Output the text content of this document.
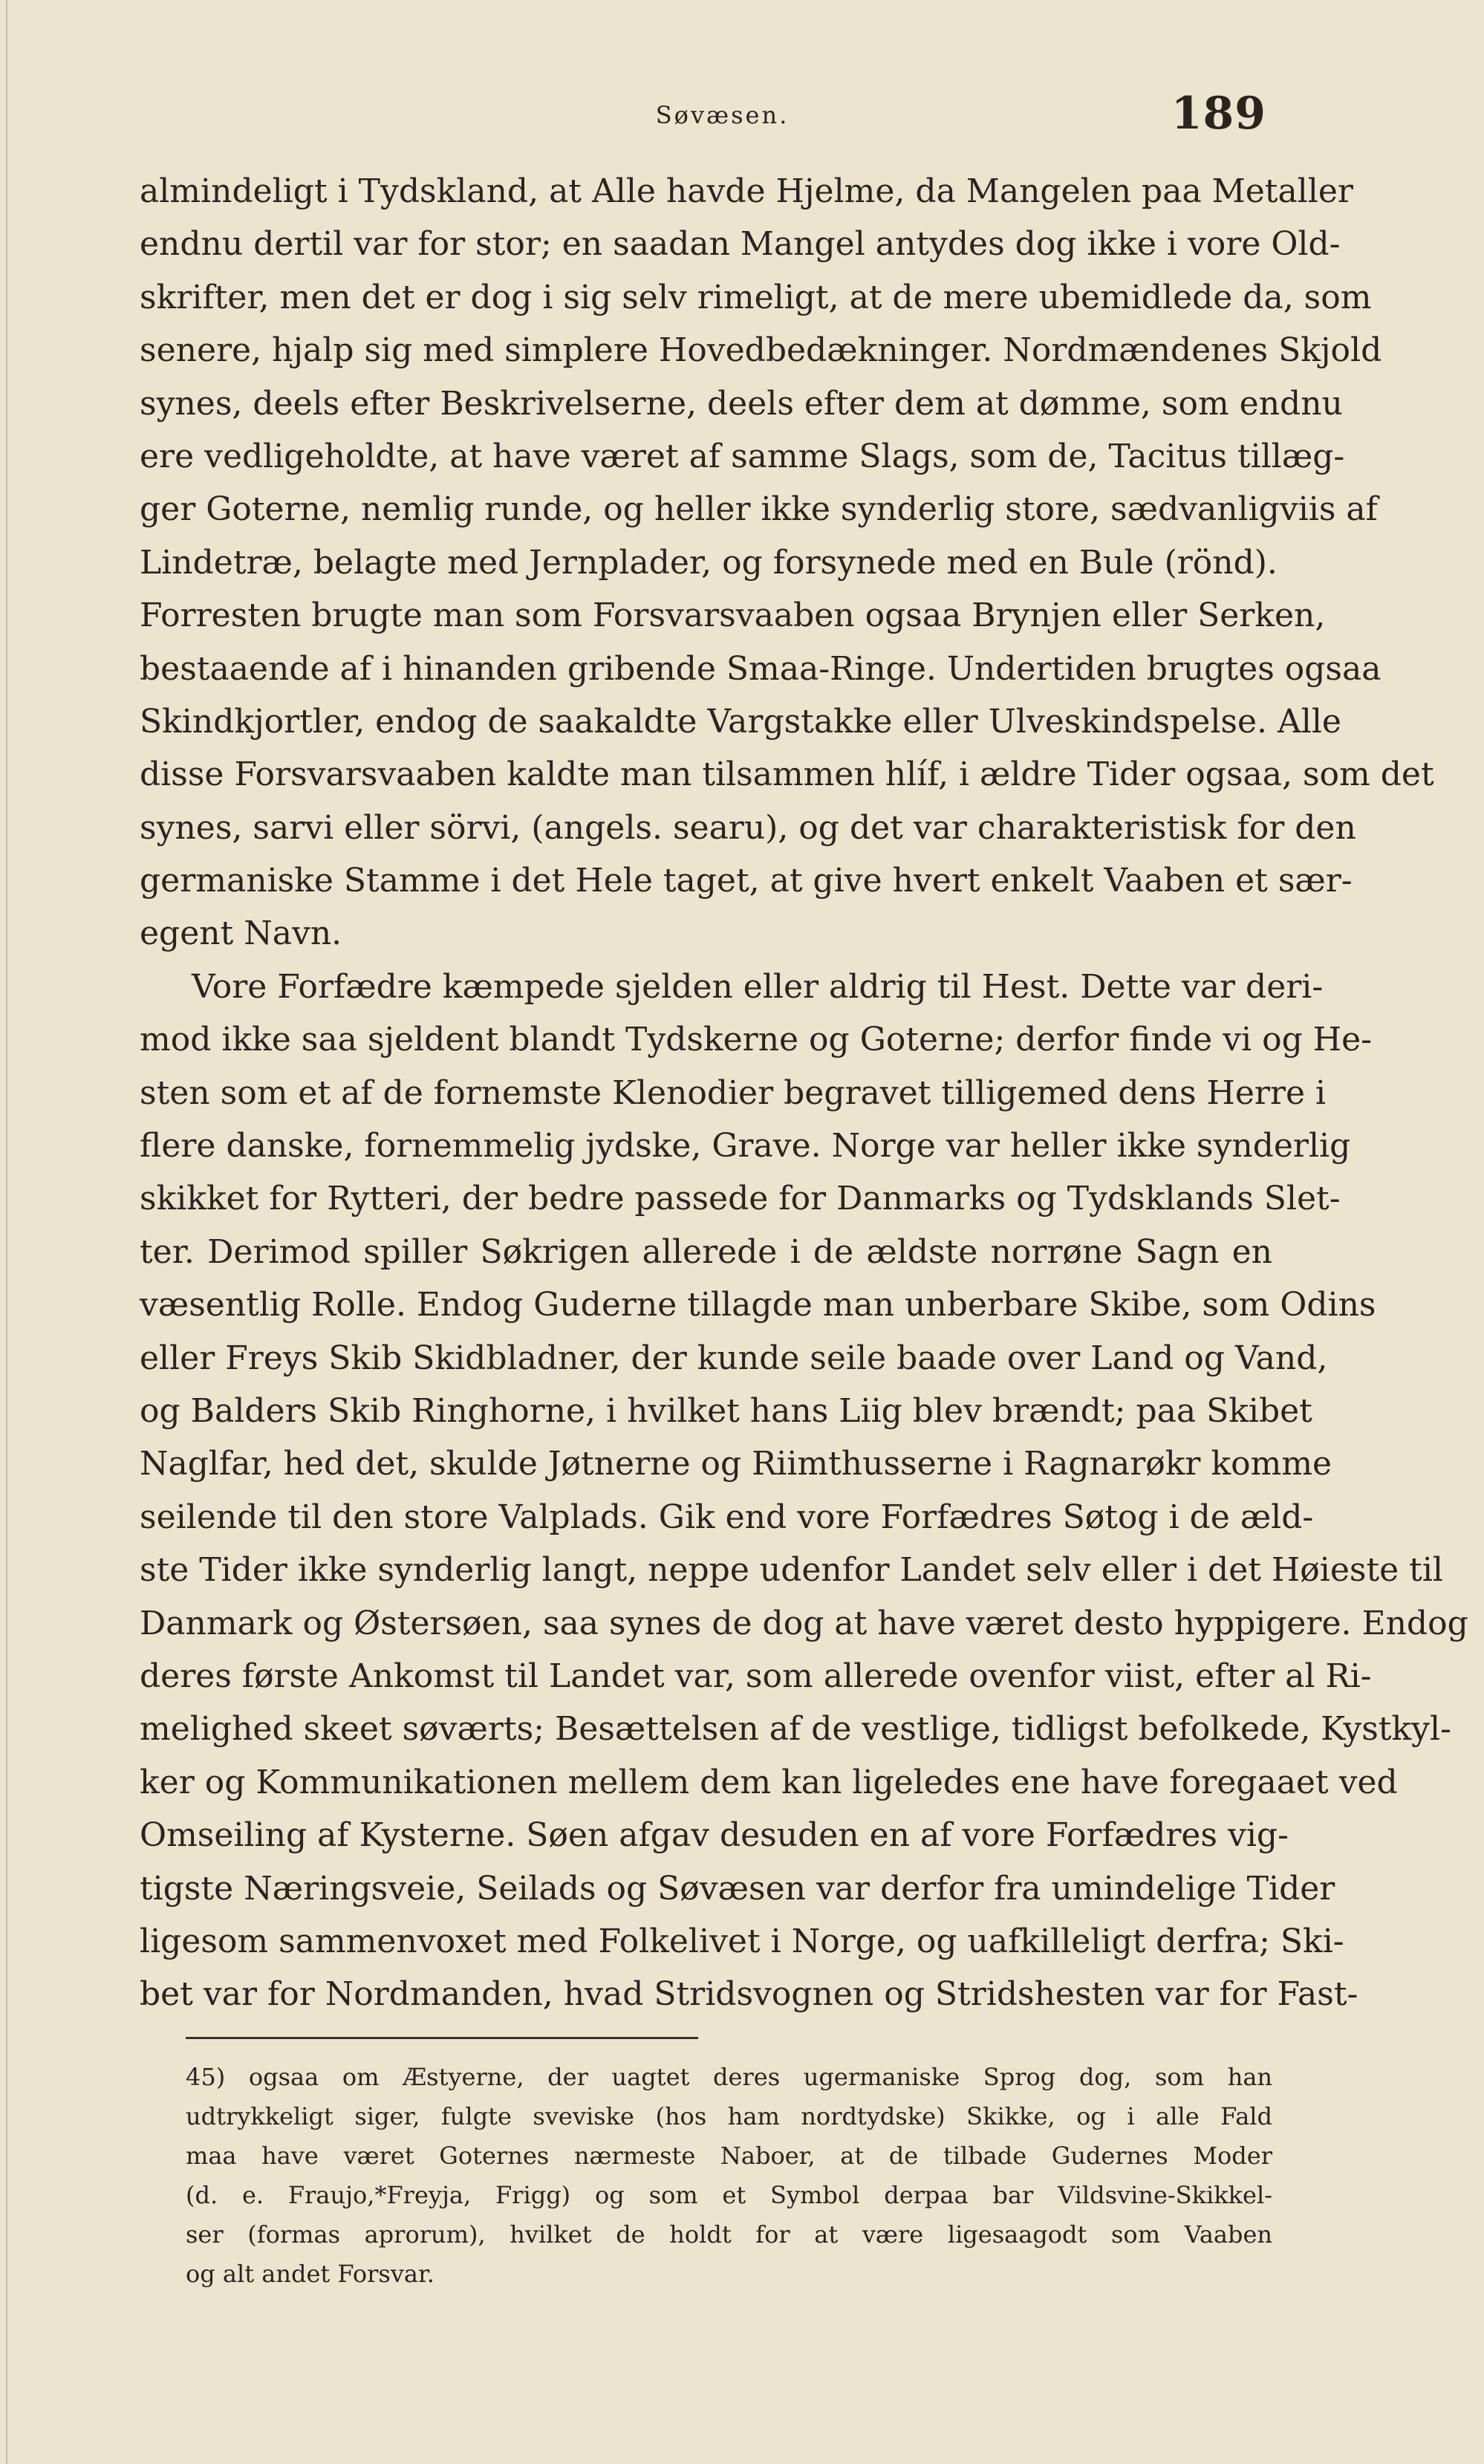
Søvæsen.	189
almindeligt i Tydskland, at Alle havde Hjelme, da Mangelen paa Metaller
endnu dertil var for stor; en saadan Mangel antydes dog ikke i vore Old-
skrifter, men det er dog i sig selv rimeligt, at de mere ubemidlede da, som
senere, hjalp sig med simplere Hovedbedækninger. Nordmændenes Skjold
synes, deels efter Beskrivelserne, deels efter dem at dømme, som endnu
ere vedligeholdte, at have været af samme Slags, som de, Tacitus tillæg-
ger Goterne, nemlig runde, og heller ikke synderlig store, sædvanligviis af
Lindetræ, belagte med Jernplader, og forsynede med en Bule (rönd).
Forresten brugte man som Forsvarsvaaben ogsaa Brynjen eller Serken,
bestaaende af i hinanden gribende Smaa-Ringe. Undertiden brugtes ogsaa
Skindkjortler, endog de saakaldte Vargstakke eller Ulveskindspelse. Alle
disse Forsvarsvaaben kaldte man tilsammen hlíf, i ældre Tider ogsaa, som det
synes, sarvi eller sörvi, (angels. searu), og det var charakteristisk for den
germaniske Stamme i det Hele taget, at give hvert enkelt Vaaben et sær-
egent Navn.
Vore Forfædre kæmpede sjelden eller aldrig til Hest. Dette var deri-
mod ikke saa sjeldent blandt Tydskerne og Goterne; derfor finde vi og He-
sten som et af de fornemste Klenodier begravet tilligemed dens Herre i
flere danske, fornemmelig jydske, Grave. Norge var heller ikke synderlig
skikket for Rytteri, der bedre passede for Danmarks og Tydsklands Slet-
ter. Derimod spiller Søkrigen allerede i de ældste norrøne Sagn en
væsentlig Rolle. Endog Guderne tillagde man unberbare Skibe, som Odins
eller Freys Skib Skidbladner, der kunde seile baade over Land og Vand,
og Balders Skib Ringhorne, i hvilket hans Liig blev brændt; paa Skibet
Naglfar, hed det, skulde Jøtnerne og Riimthusserne i Ragnarøkr komme
seilende til den store Valplads. Gik end vore Forfædres Søtog i de æld-
ste Tider ikke synderlig langt, neppe udenfor Landet selv eller i det Høieste til
Danmark og Østersøen, saa synes de dog at have været desto hyppigere. Endog
deres første Ankomst til Landet var, som allerede ovenfor viist, efter al Ri-
melighed skeet søværts; Besættelsen af de vestlige, tidligst befolkede, Kystkyl-
ker og Kommunikationen mellem dem kan ligeledes ene have foregaaet ved
Omseiling af Kysterne. Søen afgav desuden en af vore Forfædres vig-
tigste Næringsveie, Seilads og Søvæsen var derfor fra umindelige Tider
ligesom sammenvoxet med Folkelivet i Norge, og uafkilleligt derfra; Ski-
bet var for Nordmanden, hvad Stridsvognen og Stridshesten var for Fast-
45) ogsaa om Æstyerne, der uagtet deres ugermaniske Sprog dog, som han
udtrykkeligt siger, fulgte sveviske (hos ham nordtydske) Skikke, og i alle Fald
maa have været Goternes nærmeste Naboer, at de tilbade Gudernes Moder
(d. e. Fraujo,*Freyja, Frigg) og som et Symbol derpaa bar Vildsvine-Skikkel-
ser (formas aprorum), hvilket de holdt for at være ligesaagodt som Vaaben
og alt andet Forsvar.
